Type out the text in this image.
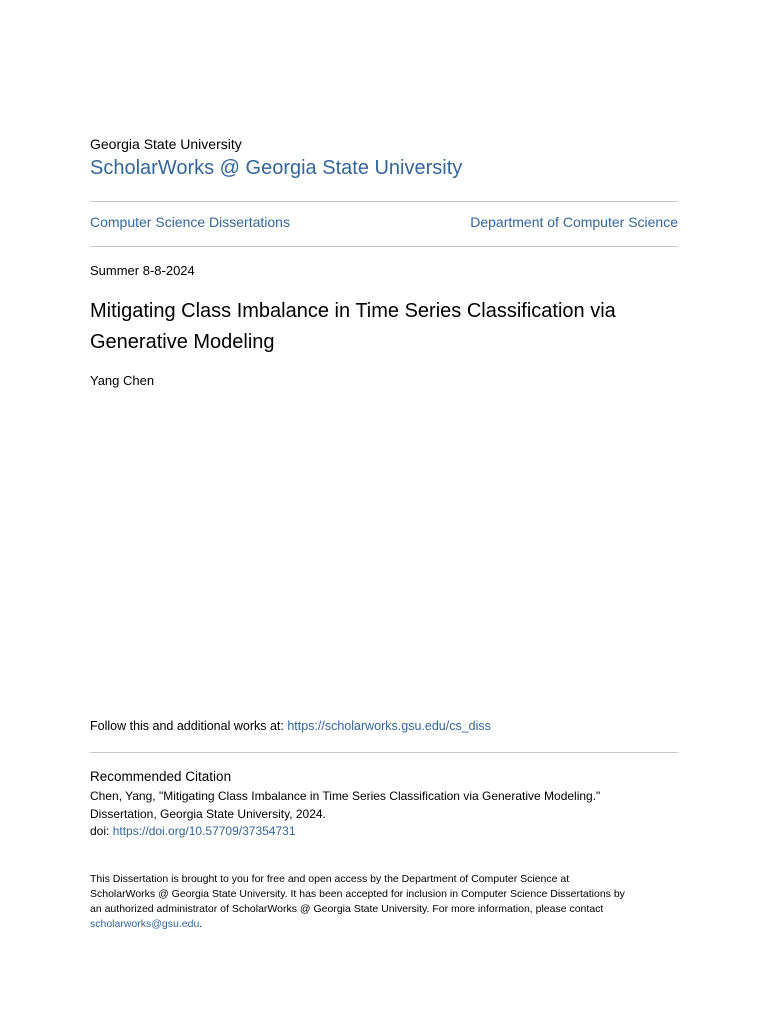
Georgia State University
ScholarWorks @ Georgia State University
Computer Science Dissertations	Department of Computer Science
Summer 8-8-2024
Mitigating Class Imbalance in Time Series Classification via
Generative Modeling
Yang Chen
Follow this and additional works at: https://scholarworks.gsu.edu/cs_diss
Recommended Citation
Chen, Yang, "Mitigating Class Imbalance in Time Series Classification via Generative Modeling."
Dissertation, Georgia State University, 2024.
doi: https://doi.org/10.57709/37354731
This Dissertation is brought to you for free and open access by the Department of Computer Science at
ScholarWorks @ Georgia State University. It has been accepted for inclusion in Computer Science Dissertations by
an authorized administrator of ScholarWorks @ Georgia State University. For more information, please contact
scholarworks@gsu.edu.
